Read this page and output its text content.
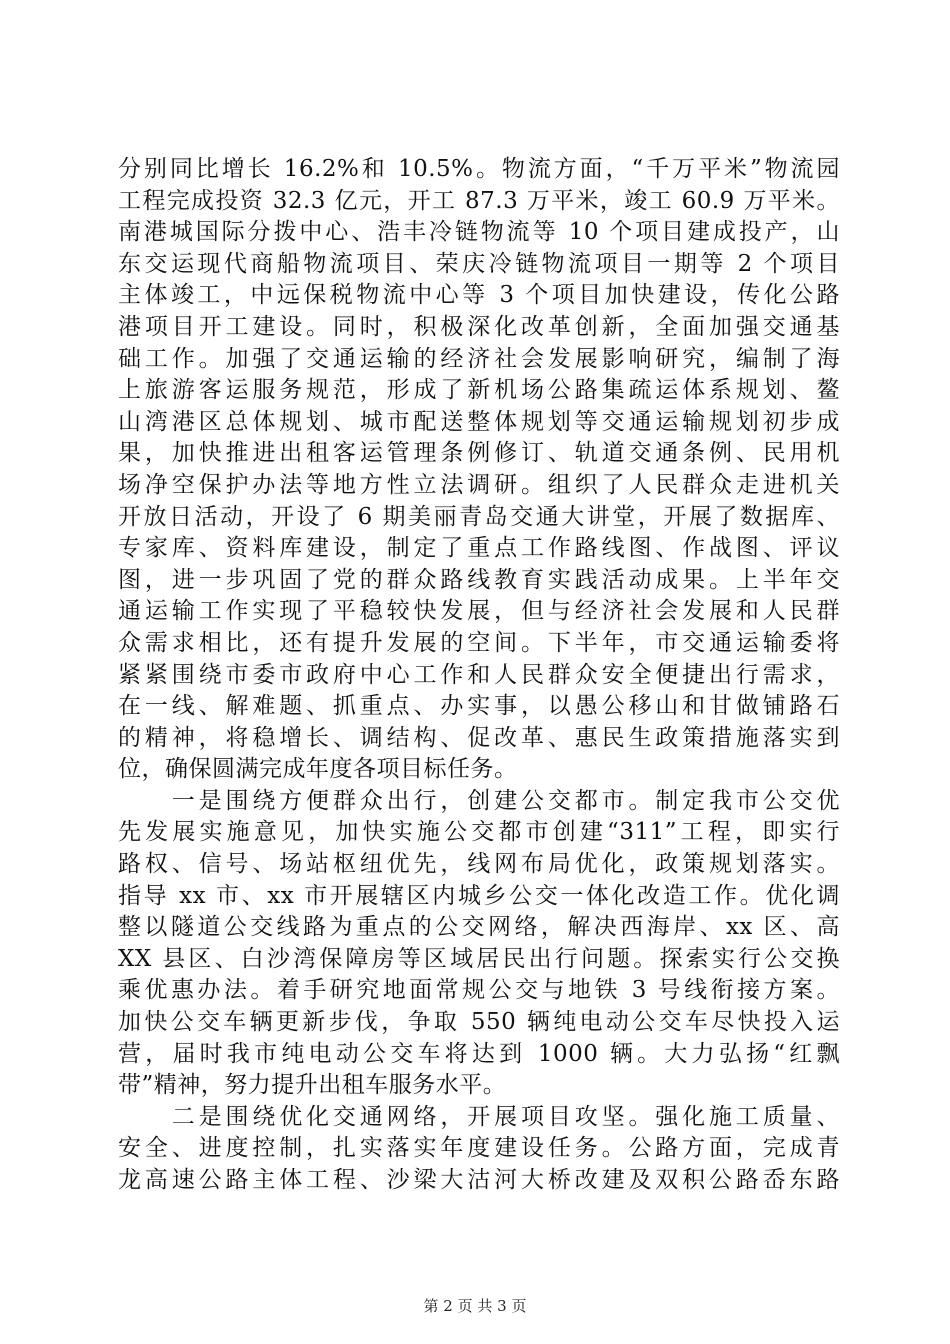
分别同比增长 16.2%和 10.5%。物流方面，“千万平米”物流园
工程完成投资 32.3 亿元，开工 87.3 万平米，竣工 60.9 万平米。
南港城国际分拨中心、浩丰冷链物流等 10 个项目建成投产，山
东交运现代商船物流项目、荣庆冷链物流项目一期等 2 个项目
主体竣工，中远保税物流中心等 3 个项目加快建设，传化公路
港项目开工建设。同时，积极深化改革创新，全面加强交通基
础工作。加强了交通运输的经济社会发展影响研究，编制了海
上旅游客运服务规范，形成了新机场公路集疏运体系规划、鳌
山湾港区总体规划、城市配送整体规划等交通运输规划初步成
果，加快推进出租客运管理条例修订、轨道交通条例、民用机
场净空保护办法等地方性立法调研。组织了人民群众走进机关
开放日活动，开设了 6 期美丽青岛交通大讲堂，开展了数据库、
专家库、资料库建设，制定了重点工作路线图、作战图、评议
图，进一步巩固了党的群众路线教育实践活动成果。上半年交
通运输工作实现了平稳较快发展，但与经济社会发展和人民群
众需求相比，还有提升发展的空间。下半年，市交通运输委将
紧紧围绕市委市政府中心工作和人民群众安全便捷出行需求，
在一线、解难题、抓重点、办实事，以愚公移山和甘做铺路石
的精神，将稳增长、调结构、促改革、惠民生政策措施落实到
位，确保圆满完成年度各项目标任务。
　　一是围绕方便群众出行，创建公交都市。制定我市公交优
先发展实施意见，加快实施公交都市创建“311”工程，即实行
路权、信号、场站枢纽优先，线网布局优化，政策规划落实。
指导 xx 市、xx 市开展辖区内城乡公交一体化改造工作。优化调
整以隧道公交线路为重点的公交网络，解决西海岸、xx 区、高
XX 县区、白沙湾保障房等区域居民出行问题。探索实行公交换
乘优惠办法。着手研究地面常规公交与地铁 3 号线衔接方案。
加快公交车辆更新步伐，争取 550 辆纯电动公交车尽快投入运
营，届时我市纯电动公交车将达到 1000 辆。大力弘扬“红飘
带”精神，努力提升出租车服务水平。
　　二是围绕优化交通网络，开展项目攻坚。强化施工质量、
安全、进度控制，扎实落实年度建设任务。公路方面，完成青
龙高速公路主体工程、沙梁大沽河大桥改建及双积公路岙东路
第 2 页 共 3 页
